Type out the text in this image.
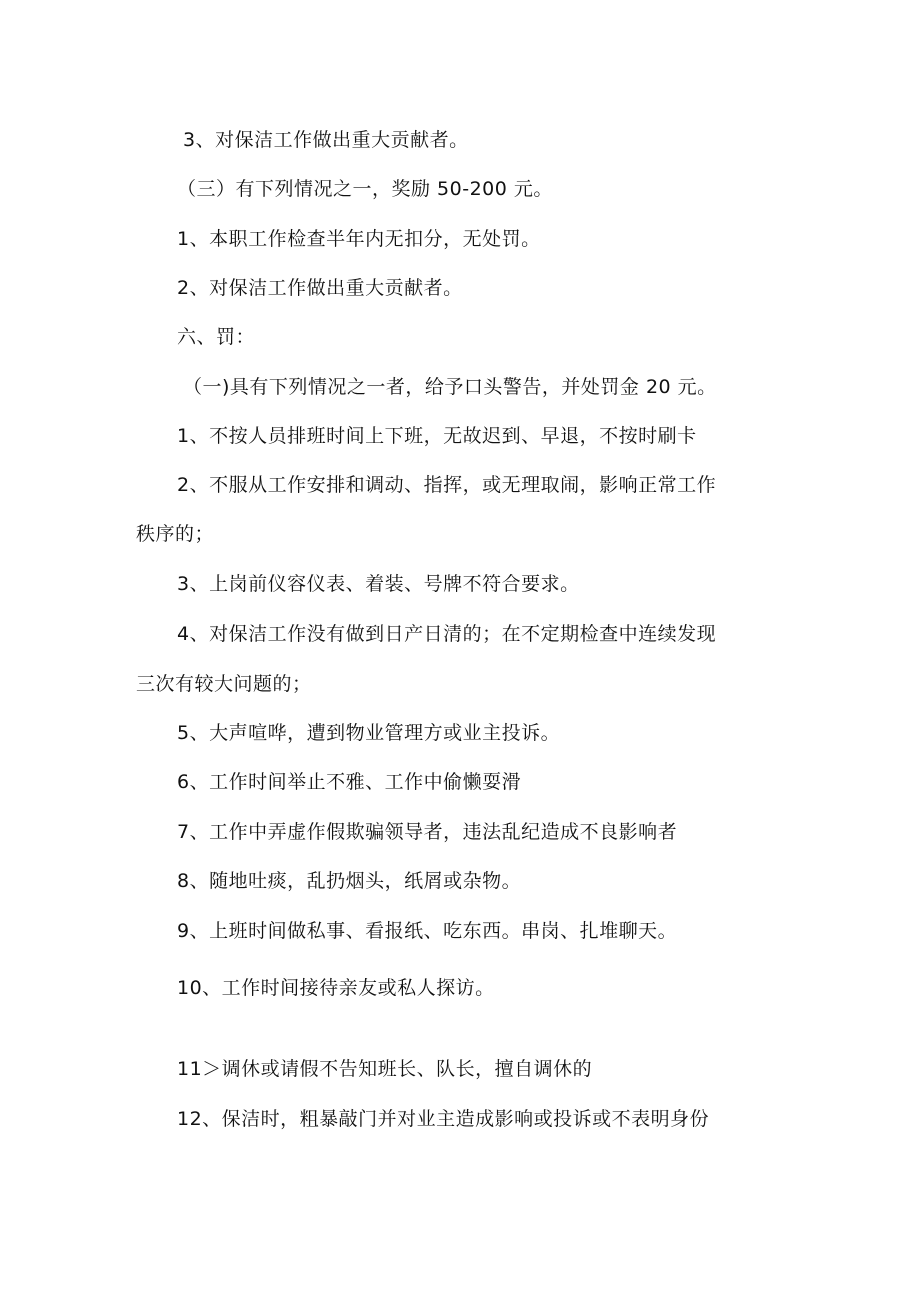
3、对保洁工作做出重大贡献者。
（三）有下列情况之一，奖励 50-200 元。
1、本职工作检查半年内无扣分，无处罚。
2、对保洁工作做出重大贡献者。
六、罚：
（一)具有下列情况之一者，给予口头警告，并处罚金 20 元。
1、不按人员排班时间上下班，无故迟到、早退，不按时刷卡
2、不服从工作安排和调动、指挥，或无理取闹，影响正常工作
秩序的；
3、上岗前仪容仪表、着装、号牌不符合要求。
4、对保洁工作没有做到日产日清的；在不定期检查中连续发现
三次有较大问题的；
5、大声喧哗，遭到物业管理方或业主投诉。
6、工作时间举止不雅、工作中偷懒耍滑
7、工作中弄虚作假欺骗领导者，违法乱纪造成不良影响者
8、随地吐痰，乱扔烟头，纸屑或杂物。
9、上班时间做私事、看报纸、吃东西。串岗、扎堆聊天。
10、工作时间接待亲友或私人探访。
11＞调休或请假不告知班长、队长，擅自调休的
12、保洁时，粗暴敲门并对业主造成影响或投诉或不表明身份
